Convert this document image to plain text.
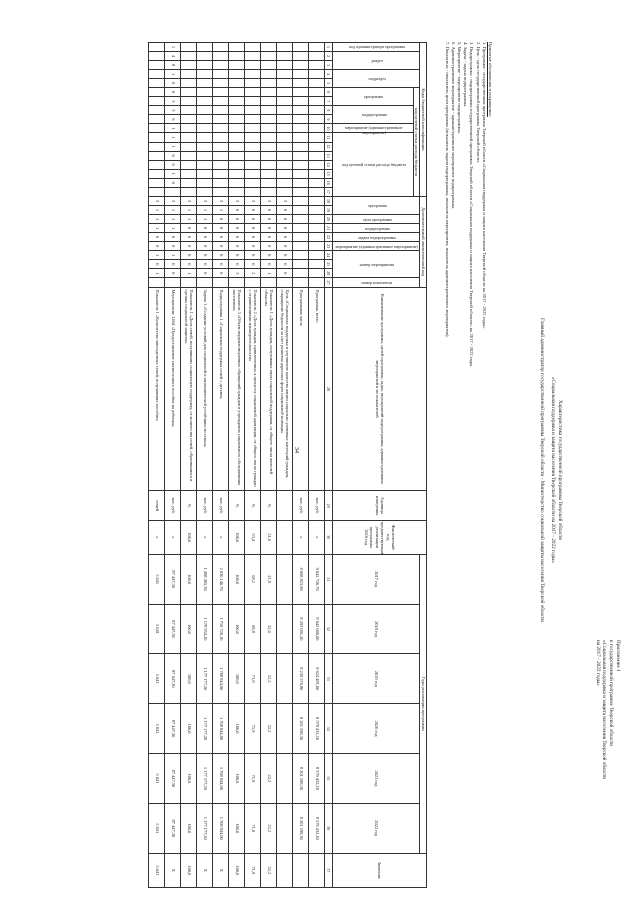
34
Приложение 1
к государственной программе Тверской области
«Социальная поддержка и защита населения Тверской области
на 2017 - 2022 годы»
Характеристика государственной программы Тверской области
«Социальная поддержка и защита населения Тверской области на 2017 - 2022 годы»
Главный администратор государственной программы Тверской области - Министерство социальной защиты населения Тверской области
Принятые обозначения и сокращения:
1. Программа - государственная программа Тверской области «Социальная поддержка и защита населения Тверской области на 2017 - 2022 годы».
2. Цель - цель государственной программы Тверской области.
3. Подпрограмма - подпрограмма государственной программы Тверской области «Социальная поддержка и защита населения Тверской области» на 2017 - 2022 годы.
4. Задача - задача подпрограммы.
5. Мероприятие - мероприятие подпрограммы.
6. Административное мероприятие - административное мероприятие подпрограммы.
7. Показатель - показатель цели программы (показатель задачи подпрограммы, показатель мероприятия, показатель административного мероприятия).
Коды бюджетной классификации																	Дополнительный аналитический код										Наименование программы, целей программы, задач, мероприятий подпрограммы, административных мероприятий и их показателей	Единица измерения	Фактический год, предшествующий реализации программы 2016 год	Годы реализации программы						Значение
код администратора программы	раздел		подраздел		код целевой статьи расхода бюджета												программа		цель программы	подпрограмма	задача подпрограммы	мероприятие (административное мероприятие)	номер мероприятия			номер показателя				2017 год	2018 год	2019 год	2020 год	2021 год	2022 год	
					программа		подпрограмма		мероприятие (административное мероприятие)	код целевой статьи расхода бюджета																										
1	2	3	4	5	6	7	8	9	10	11	12	13	14	15	16	17	18	19	20	21	22	23	24	25	26	27	28	29	30	31	32	33	34	35	36	37
																											Программа, всего	тыс. руб.	х	9 042 720,70	8 642 000,00	8 624 481,60	8 579 432,10	8 579 432,10	8 579 432,10	
																											Программная часть	тыс. руб.	х	8 668 823,90	8 293 091,20	8 239 576,80	8 201 598,30	8 201 598,30	8 201 598,30	
																	3	0	0	0	0	0	0	0	0		Цель «Социальная поддержка и улучшение качества жизни социально уязвимых категорий граждан, сокращение бедности за счет развития адресных форм социальной помощи»									
																	3	0	0	0	0	0	0	0	1		Показатель 1 «Доля граждан, получивших меры социальной поддержки, от общего числа жителей области»	%	21,6	21,9	22,0	22,2	22,2	22,2	22,2	22,2
																	3	0	0	0	0	0	0	0	2		Показатель 2 «Доля граждан, привлеченных к процессу социальной адаптации, от общего числа граждан с ограничениями жизнедеятельности»	%	53,4	68,2	69,8	71,9	71,9	71,9	71,9	71,9
																	3	0	0	0	0	0	0	0	3		Показатель 3 «Объем неудовлетворенных обращений граждан в учреждения социального обслуживания населения»	%	100,0	100,0	100,0	100,0	100,0	100,0	100,0	100,0
																	3	1	0	0	0	0	0	0	0		Подпрограмма 1 «Социальная поддержка семей с детьми»	тыс. руб.	х	2 030 140,70	1 710 720,10	1 708 844,90	1 708 844,90	1 708 844,90	1 708 844,90	Х
																	3	1	1	0	0	0	0	0	0		Задача 1 «Создание условий для социальной и экономической устойчивости семьи»	тыс. руб.	х	1 498 495,30	1 178 954,20	1 177 177,20	1 177 177,20	1 177 177,20	1 177 177,20	Х
																	3	1	1	0	0	0	0	0	1		Показатель 1 «Доля семей, получивших социальную поддержку, от количества семей, обратившихся в органы социальной защиты»	%	100,0	100,0	100,0	100,0	100,0	100,0	100,0	100,0
1	4	8	1	0	0	3	3	6	1	1	1	0	0	1	0		3	1	1	1	0	0	1	0	0		Мероприятие 1.001 «Предоставление ежемесячного пособия на ребенка»	тыс. руб.	х	87 447,30	87 447,30	87 447,30	87 447,30	87 447,30	87 447,30	Х
																	3	1	1	1	0	0	1	0	1		Показатель 1 «Количество многодетных семей, получивших пособие»	семей	х	5 041	5 041	5 041	5 041	5 041	5 041	5 041
